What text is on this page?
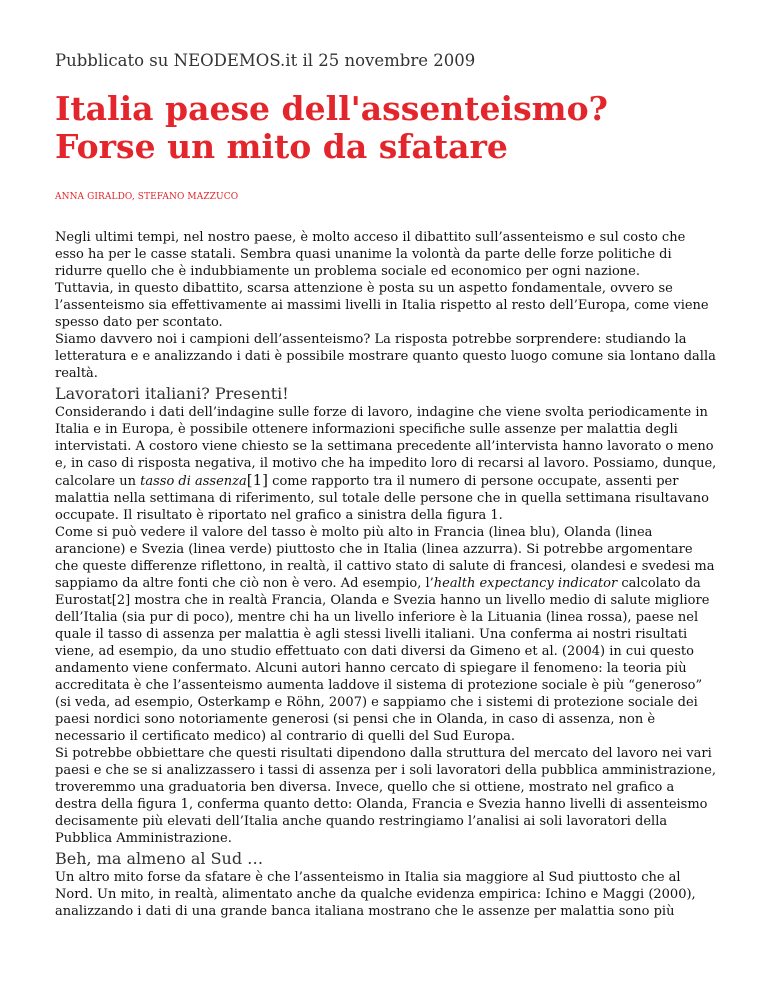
Pubblicato su NEODEMOS.it il 25 novembre 2009
Italia paese dell'assenteismo?
Forse un mito da sfatare
ANNA GIRALDO, STEFANO MAZZUCO

Negli ultimi tempi, nel nostro paese, è molto acceso il dibattito sull’assenteismo e sul costo che esso ha per le casse statali. Sembra quasi unanime la volontà da parte delle forze politiche di ridurre quello che è indubbiamente un problema sociale ed economico per ogni nazione.

Tuttavia, in questo dibattito, scarsa attenzione è posta su un aspetto fondamentale, ovvero se l’assenteismo sia effettivamente ai massimi livelli in Italia rispetto al resto dell’Europa, come viene spesso dato per scontato.

Siamo davvero noi i campioni dell’assenteismo? La risposta potrebbe sorprendere: studiando la letteratura e e analizzando i dati è possibile mostrare quanto questo luogo comune sia lontano dalla realtà.

Lavoratori italiani? Presenti!

Considerando i dati dell’indagine sulle forze di lavoro, indagine che viene svolta periodicamente in Italia e in Europa, è possibile ottenere informazioni specifiche sulle assenze per malattia degli intervistati. A costoro viene chiesto se la settimana precedente all’intervista hanno lavorato o meno e, in caso di risposta negativa, il motivo che ha impedito loro di recarsi al lavoro. Possiamo, dunque, calcolare un tasso di assenza[1] come rapporto tra il numero di persone occupate, assenti per malattia nella settimana di riferimento, sul totale delle persone che in quella settimana risultavano occupate. Il risultato è riportato nel grafico a sinistra della figura 1.

Come si può vedere il valore del tasso è molto più alto in Francia (linea blu), Olanda (linea arancione) e Svezia (linea verde) piuttosto che in Italia (linea azzurra). Si potrebbe argomentare che queste differenze riflettono, in realtà, il cattivo stato di salute di francesi, olandesi e svedesi ma sappiamo da altre fonti che ciò non è vero. Ad esempio, l’health expectancy indicator calcolato da Eurostat[2] mostra che in realtà Francia, Olanda e Svezia hanno un livello medio di salute migliore dell’Italia (sia pur di poco), mentre chi ha un livello inferiore è la Lituania (linea rossa), paese nel quale il tasso di assenza per malattia è agli stessi livelli italiani. Una conferma ai nostri risultati viene, ad esempio, da uno studio effettuato con dati diversi da Gimeno et al. (2004) in cui questo andamento viene confermato. Alcuni autori hanno cercato di spiegare il fenomeno: la teoria più accreditata è che l’assenteismo aumenta laddove il sistema di protezione sociale è più “generoso” (si veda, ad esempio, Osterkamp e Röhn, 2007) e sappiamo che i sistemi di protezione sociale dei paesi nordici sono notoriamente generosi (si pensi che in Olanda, in caso di assenza, non è necessario il certificato medico) al contrario di quelli del Sud Europa.

Si potrebbe obbiettare che questi risultati dipendono dalla struttura del mercato del lavoro nei vari paesi e che se si analizzassero i tassi di assenza per i soli lavoratori della pubblica amministrazione, troveremmo una graduatoria ben diversa. Invece, quello che si ottiene, mostrato nel grafico a destra della figura 1, conferma quanto detto: Olanda, Francia e Svezia hanno livelli di assenteismo decisamente più elevati dell’Italia anche quando restringiamo l’analisi ai soli lavoratori della Pubblica Amministrazione.

Beh, ma almeno al Sud …

Un altro mito forse da sfatare è che l’assenteismo in Italia sia maggiore al Sud piuttosto che al Nord. Un mito, in realtà, alimentato anche da qualche evidenza empirica: Ichino e Maggi (2000), analizzando i dati di una grande banca italiana mostrano che le assenze per malattia sono più
